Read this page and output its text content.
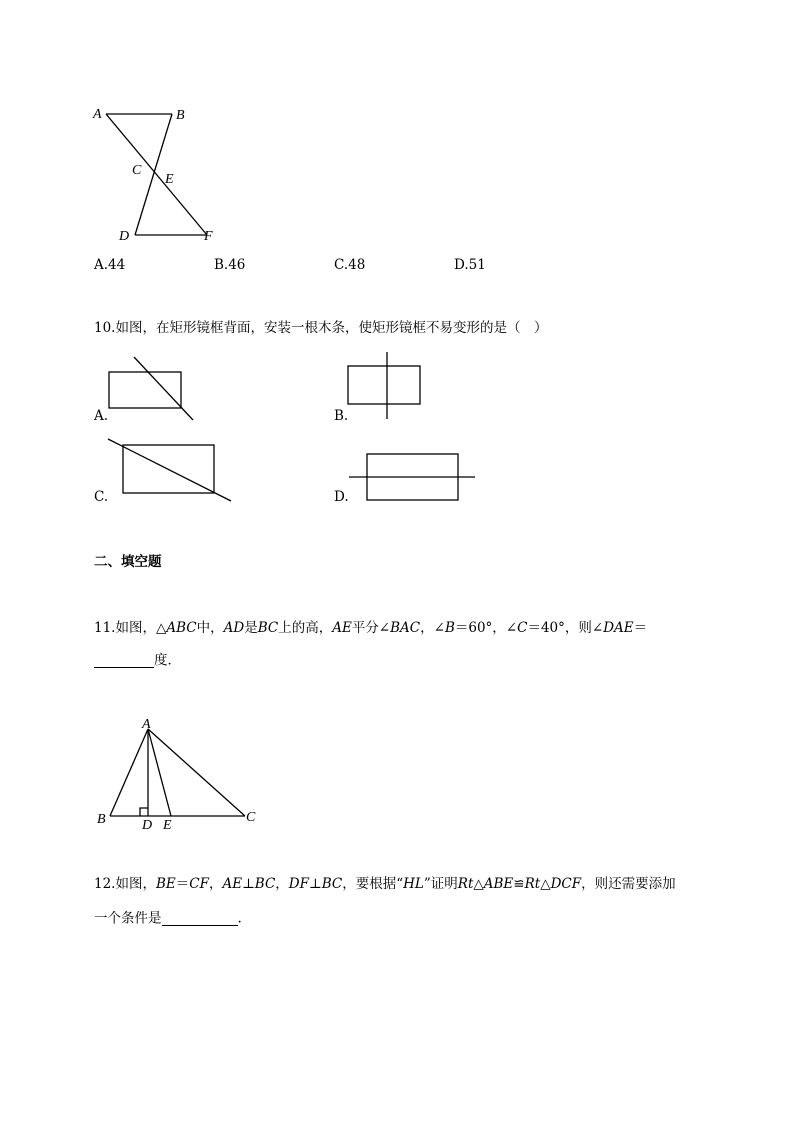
A	B
C
E
D	F
A.44	B.46	C.48	D.51
10.如图，在矩形镜框背面，安装一根木条，使矩形镜框不易变形的是（　）
A.	B.
C.	D.
二、填空题
11.如图，△ABC中，AD是BC上的高，AE平分∠BAC，∠B＝60°，∠C＝40°，则∠DAE＝
度．
A
B	D E
C
12.如图，BE＝CF，AE⊥BC，DF⊥BC，要根据“HL”证明Rt△ABE≌Rt△DCF，则还需要添加
一个条件是	.
